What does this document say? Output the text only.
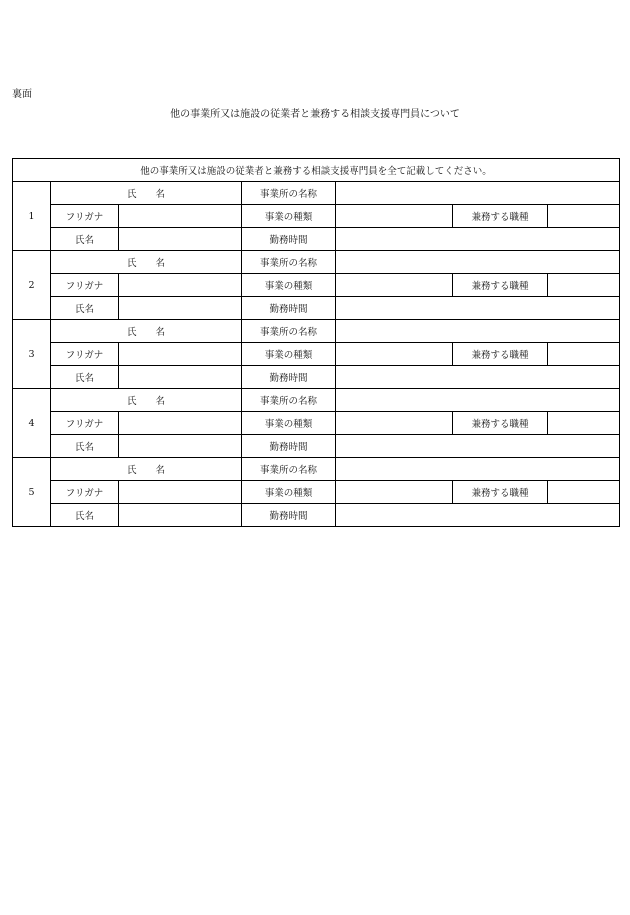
裏面
他の事業所又は施設の従業者と兼務する相談支援専門員について
他の事業所又は施設の従業者と兼務する相談支援専門員を全て記載してください。						
1	氏　　名		事業所の名称			

	フリガナ		事業の種類		兼務する職種	

	氏名		勤務時間			

2	氏　　名		事業所の名称			

	フリガナ		事業の種類		兼務する職種	

	氏名		勤務時間			

3	氏　　名		事業所の名称			

	フリガナ		事業の種類		兼務する職種	

	氏名		勤務時間			

4	氏　　名		事業所の名称			

	フリガナ		事業の種類		兼務する職種	

	氏名		勤務時間			

5	氏　　名		事業所の名称			

	フリガナ		事業の種類		兼務する職種	

	氏名		勤務時間			
